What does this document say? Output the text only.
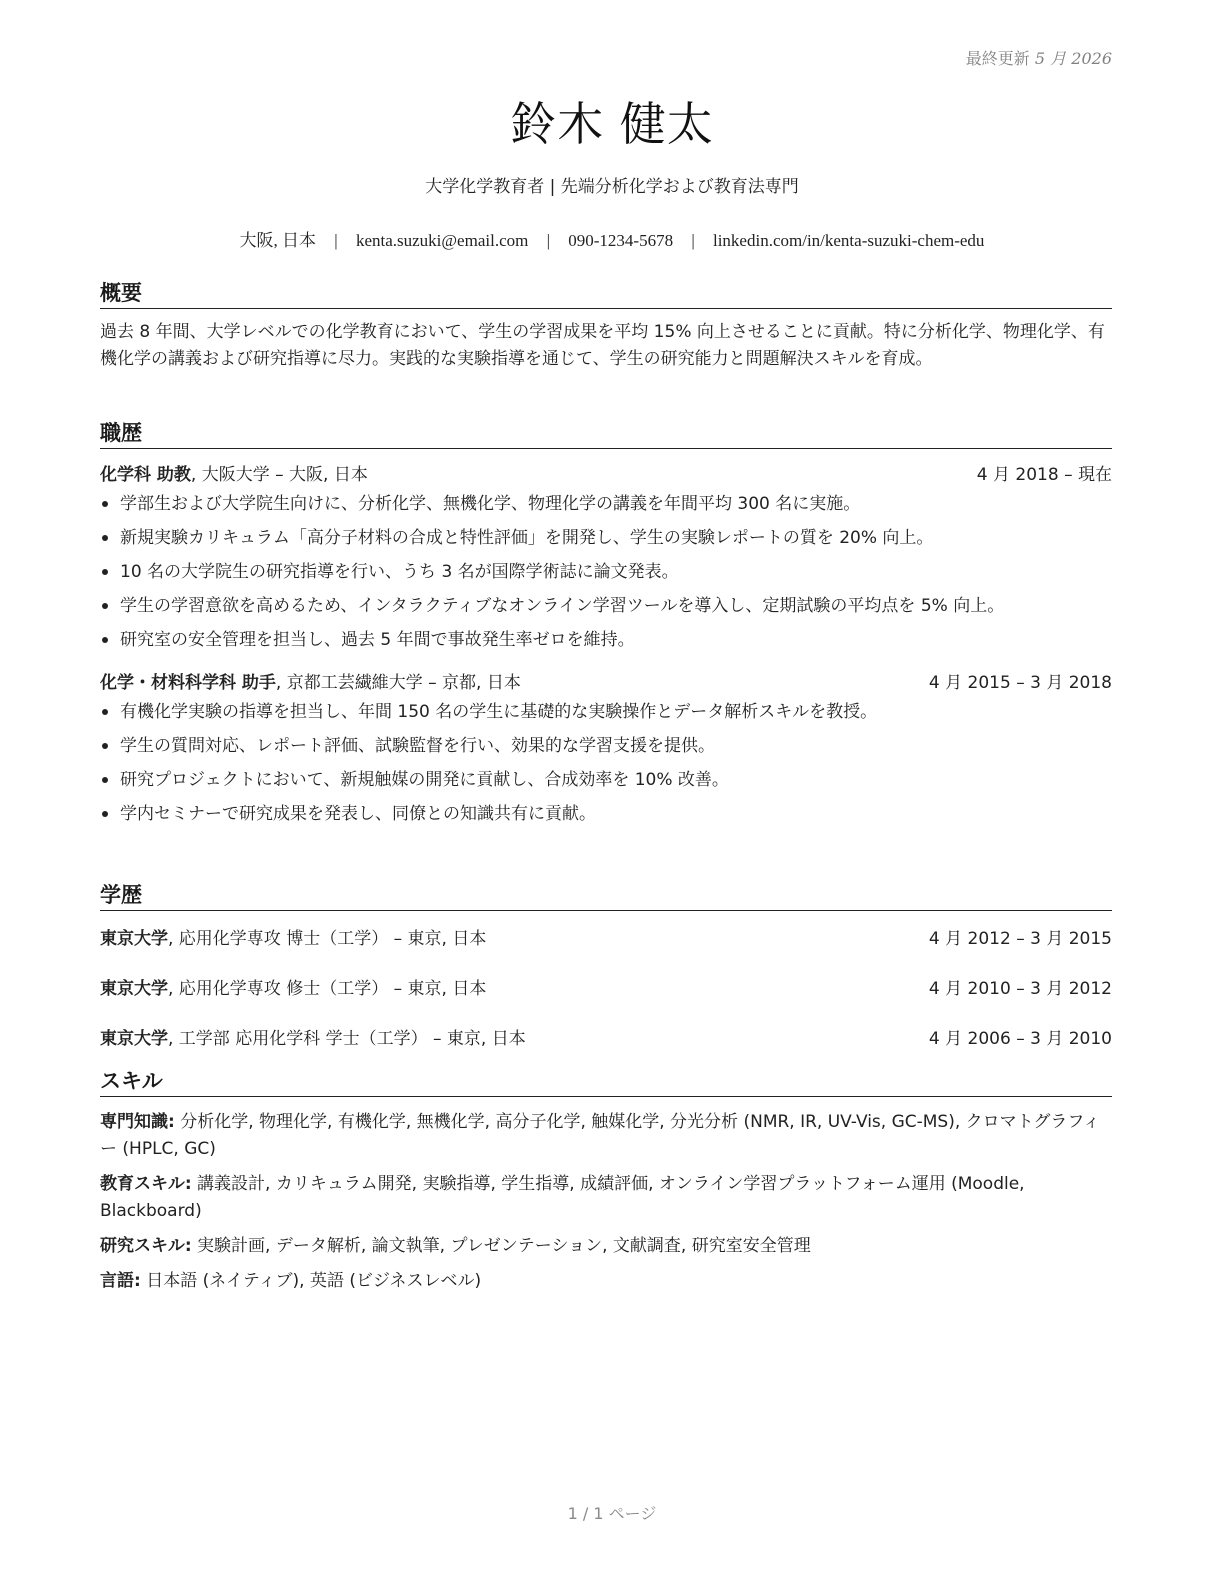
最終更新 5 月 2026
鈴木 健太
大学化学教育者 | 先端分析化学および教育法専門
大阪, 日本 | kenta.suzuki@email.com | 090-1234-5678 | linkedin.com/in/kenta-suzuki-chem-edu
概要
過去 8 年間、大学レベルでの化学教育において、学生の学習成果を平均 15% 向上させることに貢献。特に分析化学、物理化学、有機化学の講義および研究指導に尽力。実践的な実験指導を通じて、学生の研究能力と問題解決スキルを育成。
職歴
化学科 助教, 大阪大学 – 大阪, 日本	4 月 2018 – 現在
学部生および大学院生向けに、分析化学、無機化学、物理化学の講義を年間平均 300 名に実施。
新規実験カリキュラム「高分子材料の合成と特性評価」を開発し、学生の実験レポートの質を 20% 向上。
10 名の大学院生の研究指導を行い、うち 3 名が国際学術誌に論文発表。
学生の学習意欲を高めるため、インタラクティブなオンライン学習ツールを導入し、定期試験の平均点を 5% 向上。
研究室の安全管理を担当し、過去 5 年間で事故発生率ゼロを維持。
化学・材料科学科 助手, 京都工芸繊維大学 – 京都, 日本	4 月 2015 – 3 月 2018
有機化学実験の指導を担当し、年間 150 名の学生に基礎的な実験操作とデータ解析スキルを教授。
学生の質問対応、レポート評価、試験監督を行い、効果的な学習支援を提供。
研究プロジェクトにおいて、新規触媒の開発に貢献し、合成効率を 10% 改善。
学内セミナーで研究成果を発表し、同僚との知識共有に貢献。
学歴
東京大学, 応用化学専攻 博士（工学） – 東京, 日本	4 月 2012 – 3 月 2015
東京大学, 応用化学専攻 修士（工学） – 東京, 日本	4 月 2010 – 3 月 2012
東京大学, 工学部 応用化学科 学士（工学） – 東京, 日本	4 月 2006 – 3 月 2010
スキル
専門知識: 分析化学, 物理化学, 有機化学, 無機化学, 高分子化学, 触媒化学, 分光分析 (NMR, IR, UV-Vis, GC-MS), クロマトグラフィー (HPLC, GC)
教育スキル: 講義設計, カリキュラム開発, 実験指導, 学生指導, 成績評価, オンライン学習プラットフォーム運用 (Moodle, Blackboard)
研究スキル: 実験計画, データ解析, 論文執筆, プレゼンテーション, 文献調査, 研究室安全管理
言語: 日本語 (ネイティブ), 英語 (ビジネスレベル)
1 / 1 ページ
